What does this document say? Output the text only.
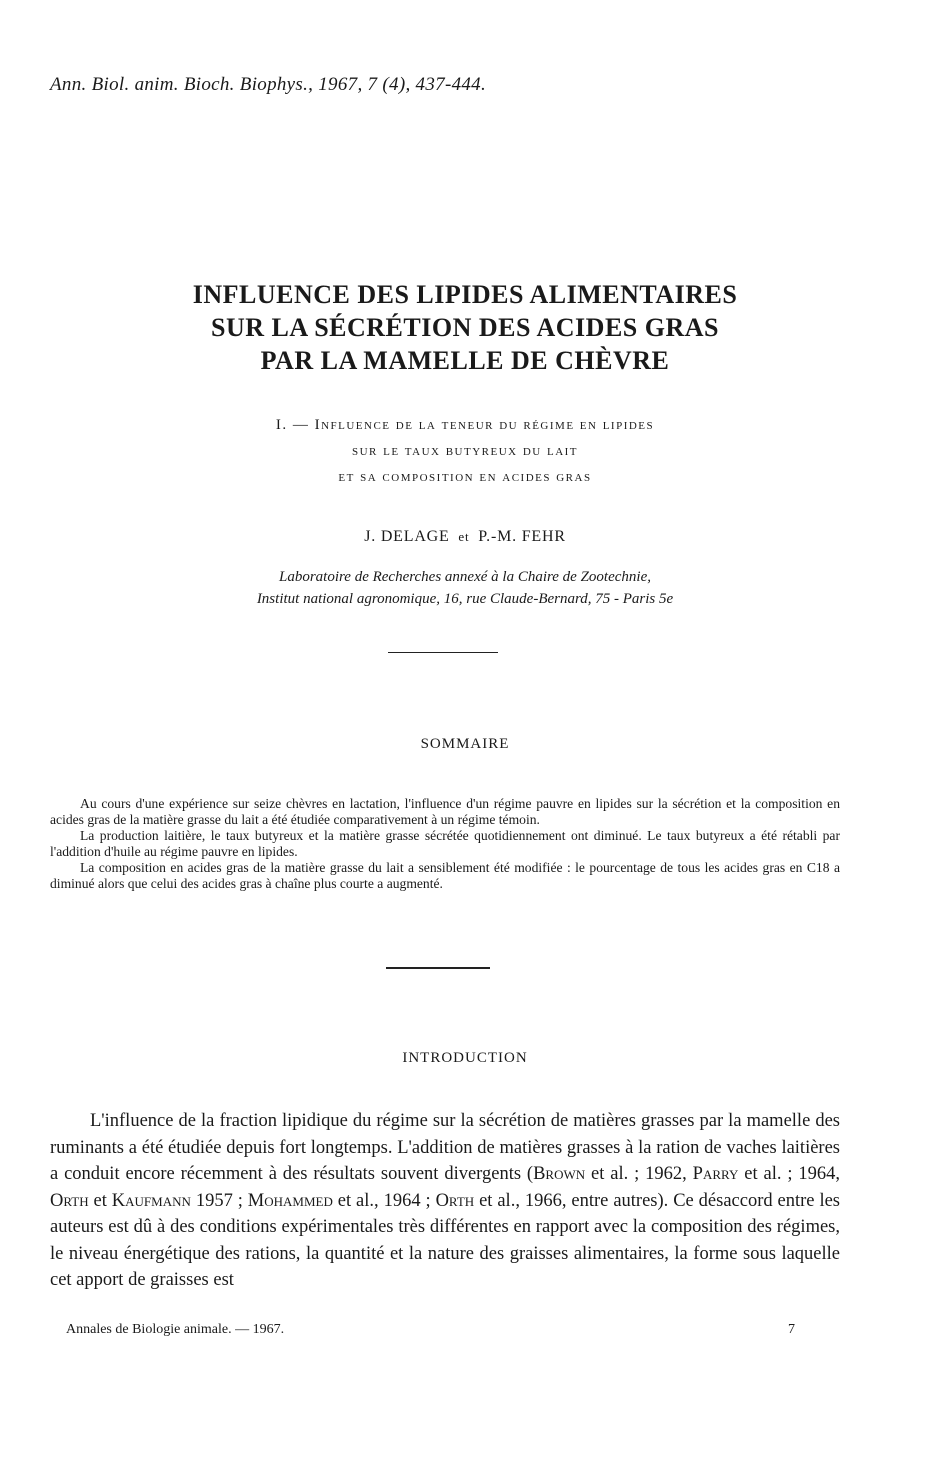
Ann. Biol. anim. Bioch. Biophys., 1967, 7 (4), 437-444.
INFLUENCE DES LIPIDES ALIMENTAIRES
SUR LA SÉCRÉTION DES ACIDES GRAS
PAR LA MAMELLE DE CHÈVRE
I. — Influence de la teneur du régime en lipides
sur le taux butyreux du lait
et sa composition en acides gras
J. DELAGE et P.-M. FEHR
Laboratoire de Recherches annexé à la Chaire de Zootechnie,
Institut national agronomique, 16, rue Claude-Bernard, 75 - Paris 5e
SOMMAIRE

Au cours d'une expérience sur seize chèvres en lactation, l'influence d'un régime pauvre en lipides sur la sécrétion et la composition en acides gras de la matière grasse du lait a été étudiée comparativement à un régime témoin.

La production laitière, le taux butyreux et la matière grasse sécrétée quotidiennement ont diminué. Le taux butyreux a été rétabli par l'addition d'huile au régime pauvre en lipides.

La composition en acides gras de la matière grasse du lait a sensiblement été modifiée : le pourcentage de tous les acides gras en C18 a diminué alors que celui des acides gras à chaîne plus courte a augmenté.

INTRODUCTION

L'influence de la fraction lipidique du régime sur la sécrétion de matières grasses par la mamelle des ruminants a été étudiée depuis fort longtemps. L'addition de matières grasses à la ration de vaches laitières a conduit encore récemment à des résultats souvent divergents (Brown et al. ; 1962, Parry et al. ; 1964, Orth et Kaufmann 1957 ; Mohammed et al., 1964 ; Orth et al., 1966, entre autres). Ce désaccord entre les auteurs est dû à des conditions expérimentales très différentes en rapport avec la composition des régimes, le niveau énergétique des rations, la quantité et la nature des graisses alimentaires, la forme sous laquelle cet apport de graisses est

Annales de Biologie animale. — 1967.	7
